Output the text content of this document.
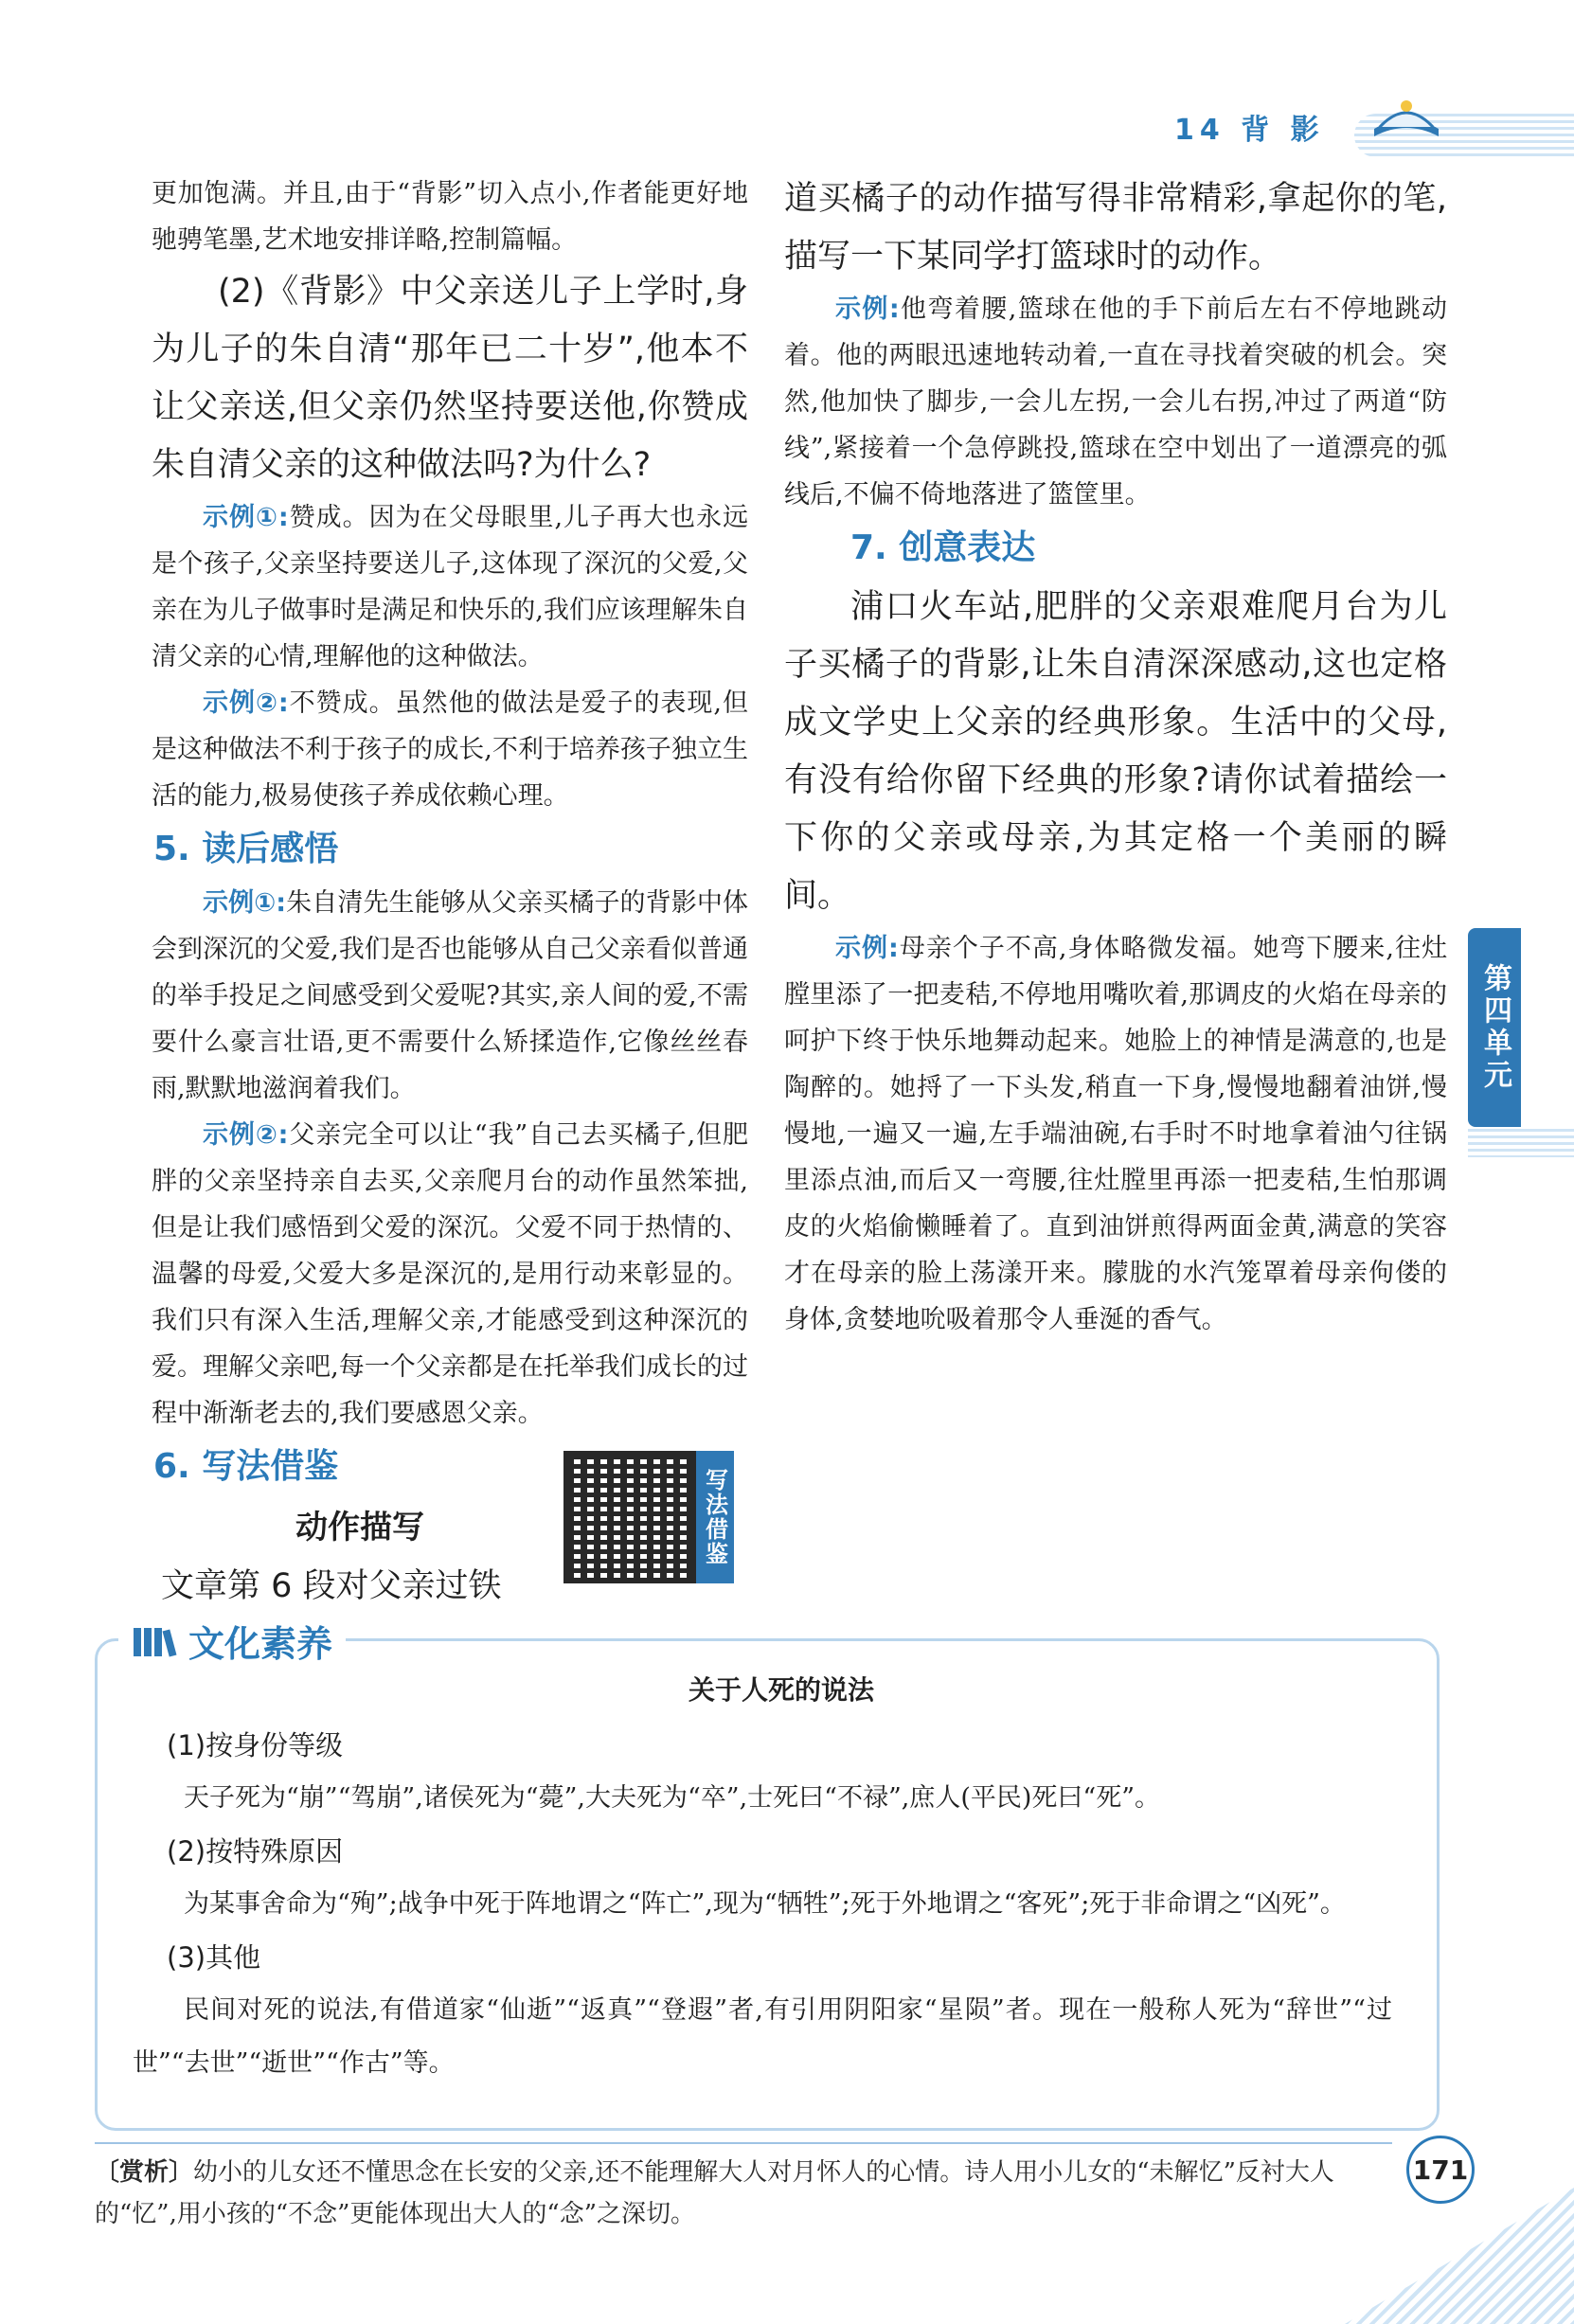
14 背 影
第四单元

更加饱满。并且,由于“背影”切入点小,作者能更好地驰骋笔墨,艺术地安排详略,控制篇幅。

(2)《背影》中父亲送儿子上学时,身为儿子的朱自清“那年已二十岁”,他本不让父亲送,但父亲仍然坚持要送他,你赞成朱自清父亲的这种做法吗?为什么?

示例①:赞成。因为在父母眼里,儿子再大也永远是个孩子,父亲坚持要送儿子,这体现了深沉的父爱,父亲在为儿子做事时是满足和快乐的,我们应该理解朱自清父亲的心情,理解他的这种做法。

示例②:不赞成。虽然他的做法是爱子的表现,但是这种做法不利于孩子的成长,不利于培养孩子独立生活的能力,极易使孩子养成依赖心理。

5. 读后感悟

示例①:朱自清先生能够从父亲买橘子的背影中体会到深沉的父爱,我们是否也能够从自己父亲看似普通的举手投足之间感受到父爱呢?其实,亲人间的爱,不需要什么豪言壮语,更不需要什么矫揉造作,它像丝丝春雨,默默地滋润着我们。

示例②:父亲完全可以让“我”自己去买橘子,但肥胖的父亲坚持亲自去买,父亲爬月台的动作虽然笨拙,但是让我们感悟到父爱的深沉。父爱不同于热情的、温馨的母爱,父爱大多是深沉的,是用行动来彰显的。我们只有深入生活,理解父亲,才能感受到这种深沉的爱。理解父亲吧,每一个父亲都是在托举我们成长的过程中渐渐老去的,我们要感恩父亲。

6. 写法借鉴
动作描写

文章第 6 段对父亲过铁

写法借鉴

道买橘子的动作描写得非常精彩,拿起你的笔,描写一下某同学打篮球时的动作。

示例:他弯着腰,篮球在他的手下前后左右不停地跳动着。他的两眼迅速地转动着,一直在寻找着突破的机会。突然,他加快了脚步,一会儿左拐,一会儿右拐,冲过了两道“防线”,紧接着一个急停跳投,篮球在空中划出了一道漂亮的弧线后,不偏不倚地落进了篮筐里。

7. 创意表达

浦口火车站,肥胖的父亲艰难爬月台为儿子买橘子的背影,让朱自清深深感动,这也定格成文学史上父亲的经典形象。生活中的父母,有没有给你留下经典的形象?请你试着描绘一下你的父亲或母亲,为其定格一个美丽的瞬间。

示例:母亲个子不高,身体略微发福。她弯下腰来,往灶膛里添了一把麦秸,不停地用嘴吹着,那调皮的火焰在母亲的呵护下终于快乐地舞动起来。她脸上的神情是满意的,也是陶醉的。她捋了一下头发,稍直一下身,慢慢地翻着油饼,慢慢地,一遍又一遍,左手端油碗,右手时不时地拿着油勺往锅里添点油,而后又一弯腰,往灶膛里再添一把麦秸,生怕那调皮的火焰偷懒睡着了。直到油饼煎得两面金黄,满意的笑容才在母亲的脸上荡漾开来。朦胧的水汽笼罩着母亲佝偻的身体,贪婪地吮吸着那令人垂涎的香气。

文化素养
关于人死的说法

(1)按身份等级

天子死为“崩”“驾崩”,诸侯死为“薨”,大夫死为“卒”,士死曰“不禄”,庶人(平民)死曰“死”。

(2)按特殊原因

为某事舍命为“殉”;战争中死于阵地谓之“阵亡”,现为“牺牲”;死于外地谓之“客死”;死于非命谓之“凶死”。

(3)其他

民间对死的说法,有借道家“仙逝”“返真”“登遐”者,有引用阴阳家“星陨”者。现在一般称人死为“辞世”“过世”“去世”“逝世”“作古”等。

〔赏析〕幼小的儿女还不懂思念在长安的父亲,还不能理解大人对月怀人的心情。诗人用小儿女的“未解忆”反衬大人的“忆”,用小孩的“不念”更能体现出大人的“念”之深切。
171
